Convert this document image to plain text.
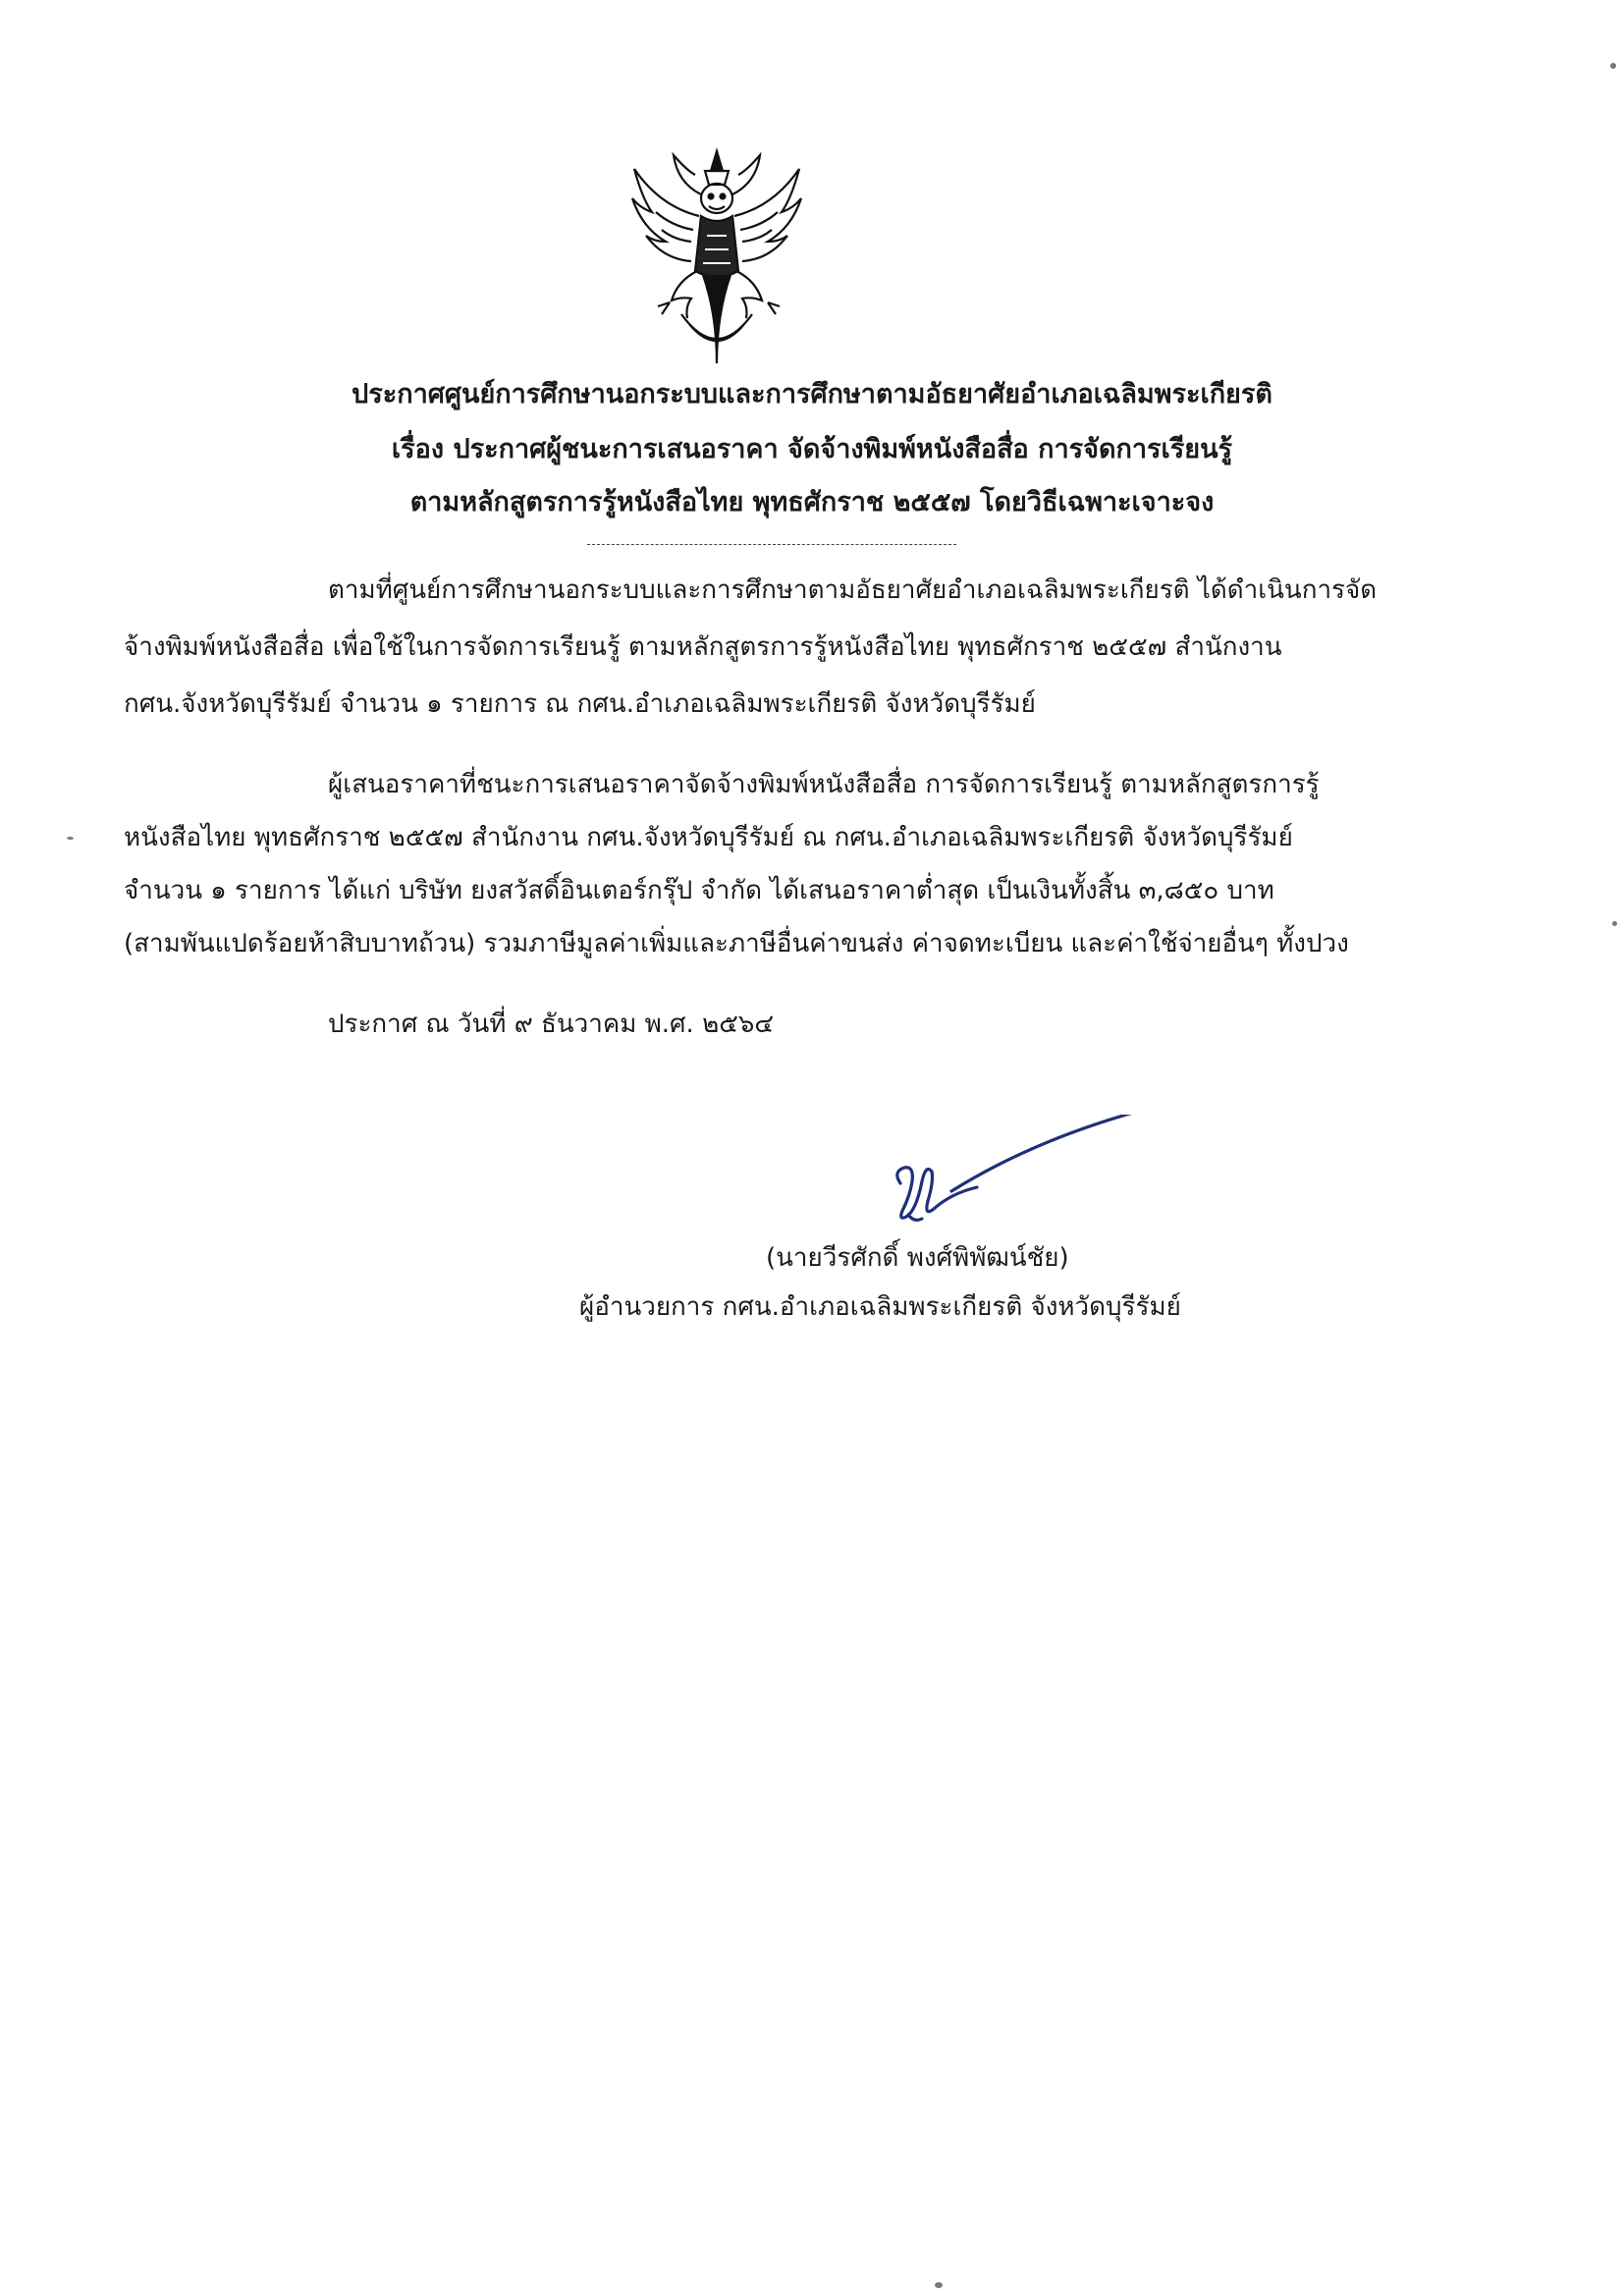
ประกาศศูนย์การศึกษานอกระบบและการศึกษาตามอัธยาศัยอำเภอเฉลิมพระเกียรติ
เรื่อง ประกาศผู้ชนะการเสนอราคา จัดจ้างพิมพ์หนังสือสื่อ การจัดการเรียนรู้
ตามหลักสูตรการรู้หนังสือไทย พุทธศักราช ๒๕๕๗ โดยวิธีเฉพาะเจาะจง
ตามที่ศูนย์การศึกษานอกระบบและการศึกษาตามอัธยาศัยอำเภอเฉลิมพระเกียรติ ได้ดำเนินการจัด
จ้างพิมพ์หนังสือสื่อ เพื่อใช้ในการจัดการเรียนรู้ ตามหลักสูตรการรู้หนังสือไทย พุทธศักราช ๒๕๕๗ สำนักงาน
กศน.จังหวัดบุรีรัมย์ จำนวน ๑ รายการ ณ กศน.อำเภอเฉลิมพระเกียรติ จังหวัดบุรีรัมย์
ผู้เสนอราคาที่ชนะการเสนอราคาจัดจ้างพิมพ์หนังสือสื่อ การจัดการเรียนรู้ ตามหลักสูตรการรู้
หนังสือไทย พุทธศักราช ๒๕๕๗ สำนักงาน กศน.จังหวัดบุรีรัมย์ ณ กศน.อำเภอเฉลิมพระเกียรติ จังหวัดบุรีรัมย์
จำนวน ๑ รายการ ได้แก่ บริษัท ยงสวัสดิ์อินเตอร์กรุ๊ป จำกัด ได้เสนอราคาต่ำสุด เป็นเงินทั้งสิ้น ๓,๘๕๐ บาท
(สามพันแปดร้อยห้าสิบบาทถ้วน) รวมภาษีมูลค่าเพิ่มและภาษีอื่นค่าขนส่ง ค่าจดทะเบียน และค่าใช้จ่ายอื่นๆ ทั้งปวง
ประกาศ ณ วันที่ ๙ ธันวาคม พ.ศ. ๒๕๖๔
(นายวีรศักดิ์ พงศ์พิพัฒน์ชัย)
ผู้อำนวยการ กศน.อำเภอเฉลิมพระเกียรติ จังหวัดบุรีรัมย์
